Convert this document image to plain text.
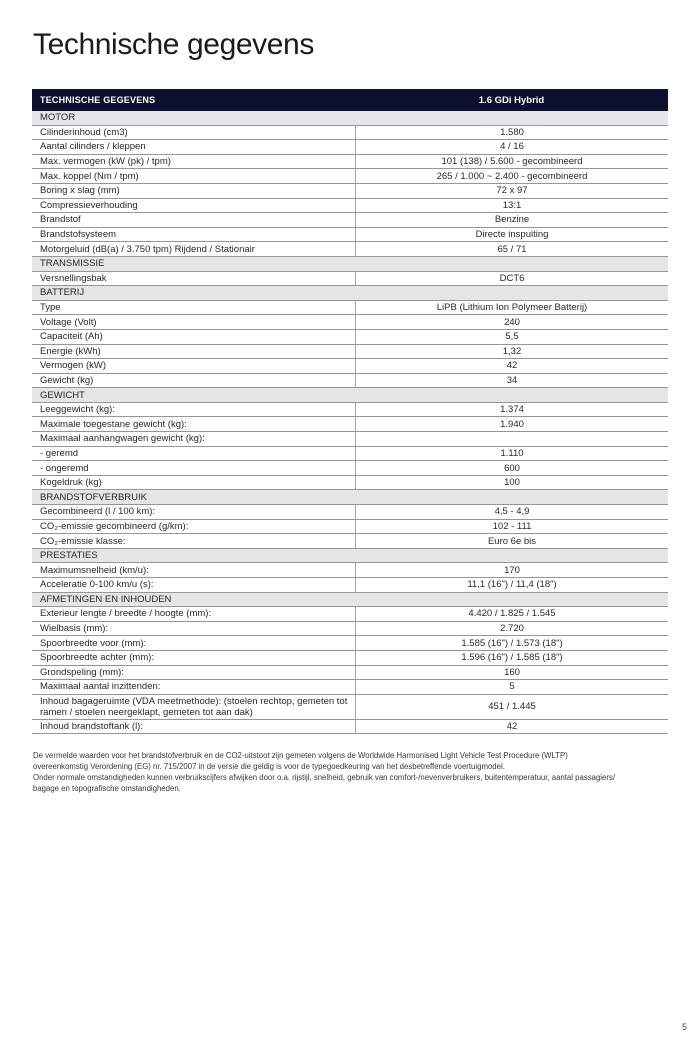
Technische gegevens
TECHNISCHE GEGEVENS	1.6 GDi Hybrid
MOTOR
Cilinderinhoud (cm3)	1.580
Aantal cilinders / kleppen	4 / 16
Max. vermogen (kW (pk) / tpm)	101 (138) / 5.600 - gecombineerd
Max. koppel (Nm / tpm)	265 / 1.000 ~ 2.400 - gecombineerd
Boring x slag (mm)	72 x 97
Compressieverhouding	13:1
Brandstof	Benzine
Brandstofsysteem	Directe inspuiting
Motorgeluid (dB(a) / 3.750 tpm) Rijdend / Stationair	65 / 71
TRANSMISSIE
Versnellingsbak	DCT6
BATTERIJ
Type	LiPB (Lithium Ion Polymeer Batterij)
Voltage (Volt)	240
Capaciteit (Ah)	5,5
Energie (kWh)	1,32
Vermogen (kW)	42
Gewicht (kg)	34
GEWICHT
Leeggewicht (kg):	1.374
Maximale toegestane gewicht (kg):	1.940
Maximaal aanhangwagen gewicht (kg):
- geremd	1.110
- ongeremd	600
Kogeldruk (kg)	100
BRANDSTOFVERBRUIK
Gecombineerd (l / 100 km):	4,5 - 4,9
CO₂-emissie gecombineerd (g/km):	102 - 111
CO₂-emissie klasse:	Euro 6e bis
PRESTATIES
Maximumsnelheid (km/u):	170
Acceleratie 0-100 km/u (s):	11,1 (16") / 11,4 (18")
AFMETINGEN EN INHOUDEN
Exterieur lengte / breedte / hoogte (mm):	4.420 / 1.825 / 1.545
Wielbasis (mm):	2.720
Spoorbreedte voor (mm):	1.585 (16") / 1.573 (18")
Spoorbreedte achter (mm):	1.596 (16") / 1.585 (18")
Grondspeling (mm):	160
Maximaal aantal inzittenden:	5
Inhoud bagageruimte (VDA meetmethode): (stoelen rechtop, gemeten tot ramen / stoelen neergeklapt, gemeten tot aan dak)	451 / 1.445
Inhoud brandstoftank (l):	42
De vermelde waarden voor het brandstofverbruik en de CO2-uitstoot zijn gemeten volgens de Worldwide Harmonised Light Vehicle Test Procedure (WLTP)
overeenkomstig Verordening (EG) nr. 715/2007 in de versie die geldig is voor de typegoedkeuring van het desbetreffende voertuigmodel.
Onder normale omstandigheden kunnen verbruikscijfers afwijken door o.a. rijstijl, snelheid, gebruik van comfort-/nevenverbruikers, buitentemperatuur, aantal passagiers/
bagage en topografische omstandigheden.
5
